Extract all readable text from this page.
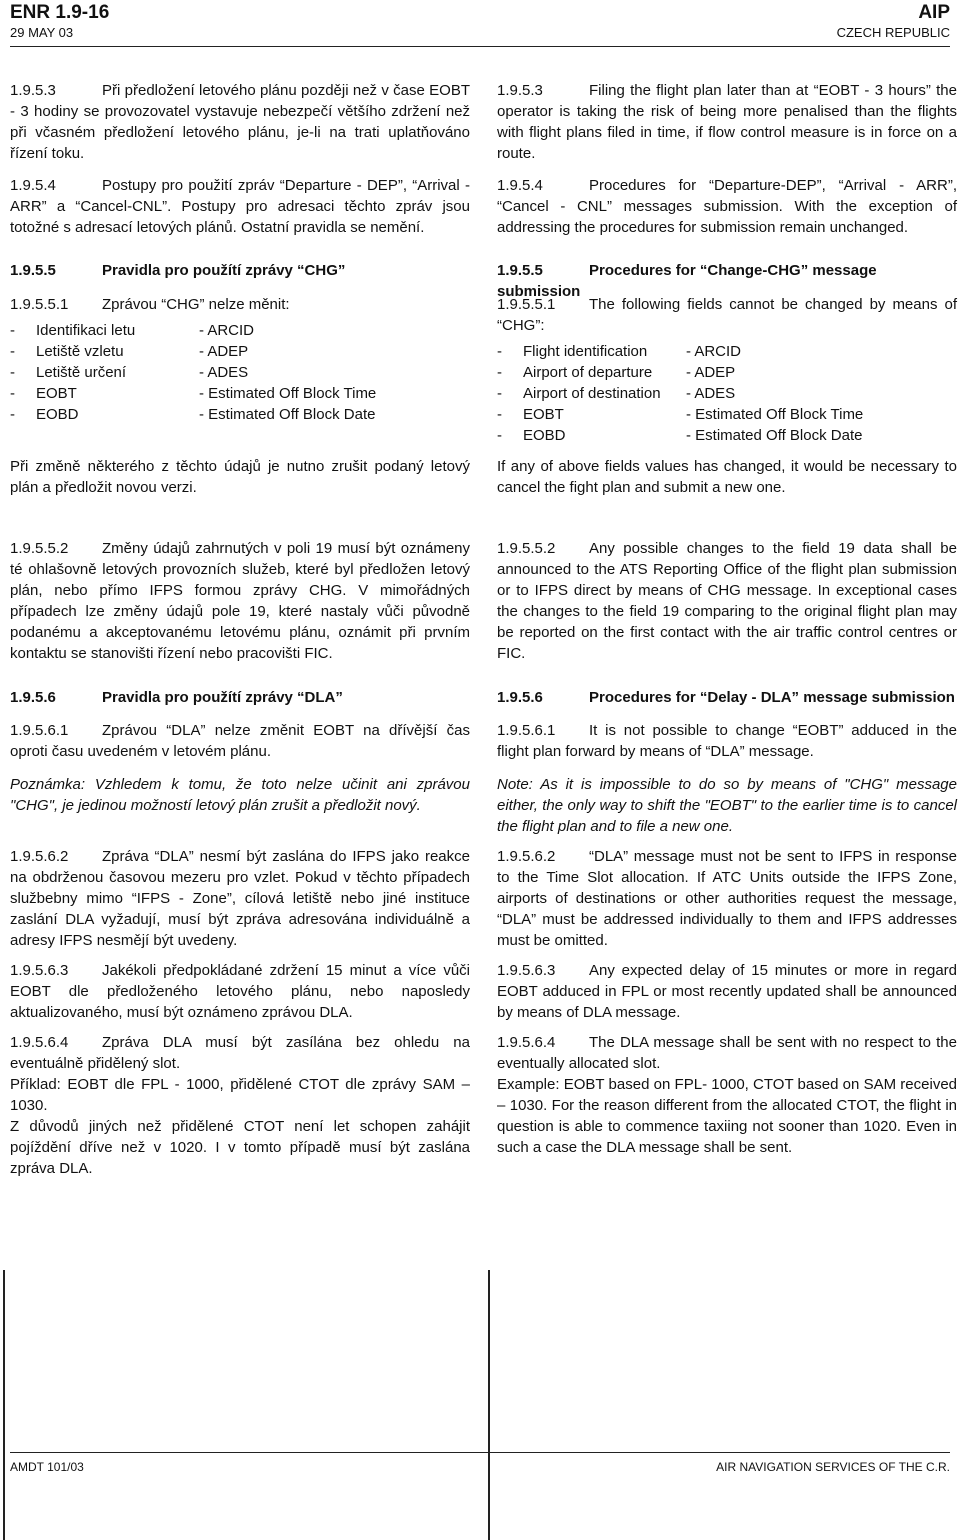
ENR 1.9-16
29 MAY 03
AIP
CZECH REPUBLIC

1.9.5.3	Při předložení letového plánu později než v čase EOBT - 3 hodiny se provozovatel vystavuje nebezpečí většího zdržení než při včasném předložení letového plánu, je-li na trati uplatňováno řízení toku.

1.9.5.4	Postupy pro použití zpráv “Departure - DEP”, “Arrival - ARR” a “Cancel-CNL”. Postupy pro adresaci těchto zpráv jsou totožné s adresací letových plánů. Ostatní pravidla se nemění.

1.9.5.5	Pravidla pro použítí zprávy “CHG”

1.9.5.5.1 Zprávou “CHG” nelze měnit:

-	Identifikaci letu	- ARCID
-	Letiště vzletu	- ADEP
-	Letiště určení	- ADES
-	EOBT	- Estimated Off Block Time
-	EOBD	- Estimated Off Block Date

Při změně některého z těchto údajů je nutno zrušit podaný letový plán a předložit novou verzi.

1.9.5.5.2 Změny údajů zahrnutých v poli 19 musí být oznámeny té ohlašovně letových provozních služeb, které byl předložen letový plán, nebo přímo IFPS formou zprávy CHG. V mimořádných případech lze změny údajů pole 19, které nastaly vůči původně podanému a akceptovanému letovému plánu, oznámit při prvním kontaktu se stanovišti řízení nebo pracovišti FIC.

1.9.5.6	Pravidla pro použítí zprávy “DLA”

1.9.5.6.1 Zprávou “DLA” nelze změnit EOBT na dřívější čas oproti času uvedeném v letovém plánu.

Poznámka: Vzhledem k tomu, že toto nelze učinit ani zprávou "CHG", je jedinou možností letový plán zrušit a předložit nový.

1.9.5.6.2 Zpráva “DLA” nesmí být zaslána do IFPS jako reakce na obdrženou časovou mezeru pro vzlet. Pokud v těchto případech službebny mimo “IFPS - Zone”, cílová letiště nebo jiné instituce zaslání DLA vyžadují, musí být zpráva adresována individuálně a adresy IFPS nesmějí být uvedeny.

1.9.5.6.3 Jakékoli předpokládané zdržení 15 minut a více vůči EOBT dle předloženého letového plánu, nebo naposledy aktualizovaného, musí být oznámeno zprávou DLA.

1.9.5.6.4 Zpráva DLA musí být zasílána bez ohledu na eventuálně přidělený slot.

Příklad: EOBT dle FPL - 1000, přidělené CTOT dle zprávy SAM – 1030.

Z důvodů jiných než přidělené CTOT není let schopen zahájit pojíždění dříve než v 1020. I v tomto případě musí být zaslána zpráva DLA.

1.9.5.3	Filing the flight plan later than at “EOBT - 3 hours” the operator is taking the risk of being more penalised than the flights with flight plans filed in time, if flow control measure is in force on a route.

1.9.5.4	Procedures for “Departure-DEP”, “Arrival - ARR”, “Cancel - CNL” messages submission. With the exception of addressing the procedures for submission remain unchanged.

1.9.5.5	Procedures for “Change-CHG” message submission

1.9.5.5.1 The following fields cannot be changed by means of “CHG”:

-	Flight identification	- ARCID
-	Airport of departure	- ADEP
-	Airport of destination	- ADES
-	EOBT	- Estimated Off Block Time
-	EOBD	- Estimated Off Block Date

If any of above fields values has changed, it would be necessary to cancel the fight plan and submit a new one.

1.9.5.5.2 Any possible changes to the field 19 data shall be announced to the ATS Reporting Office of the flight plan submission or to IFPS direct by means of CHG message. In exceptional cases the changes to the field 19 comparing to the original flight plan may be reported on the first contact with the air traffic control centres or FIC.

1.9.5.6	Procedures for “Delay - DLA” message submission

1.9.5.6.1 It is not possible to change “EOBT” adduced in the flight plan forward by means of “DLA” message.

Note: As it is impossible to do so by means of "CHG" message either, the only way to shift the "EOBT" to the earlier time is to cancel the flight plan and to file a new one.

1.9.5.6.2 “DLA” message must not be sent to IFPS in response to the Time Slot allocation. If ATC Units outside the IFPS Zone, airports of destinations or other authorities request the message, “DLA” must be addressed individually to them and IFPS addresses must be omitted.

1.9.5.6.3 Any expected delay of 15 minutes or more in regard EOBT adduced in FPL or most recently updated shall be announced by means of DLA message.

1.9.5.6.4 The DLA message shall be sent with no respect to the eventually allocated slot.

Example: EOBT based on FPL- 1000, CTOT based on SAM received – 1030. For the reason different from the allocated CTOT, the flight in question is able to commence taxiing not sooner than 1020. Even in such a case the DLA message shall be sent.

AMDT 101/03	AIR NAVIGATION SERVICES OF THE C.R.
